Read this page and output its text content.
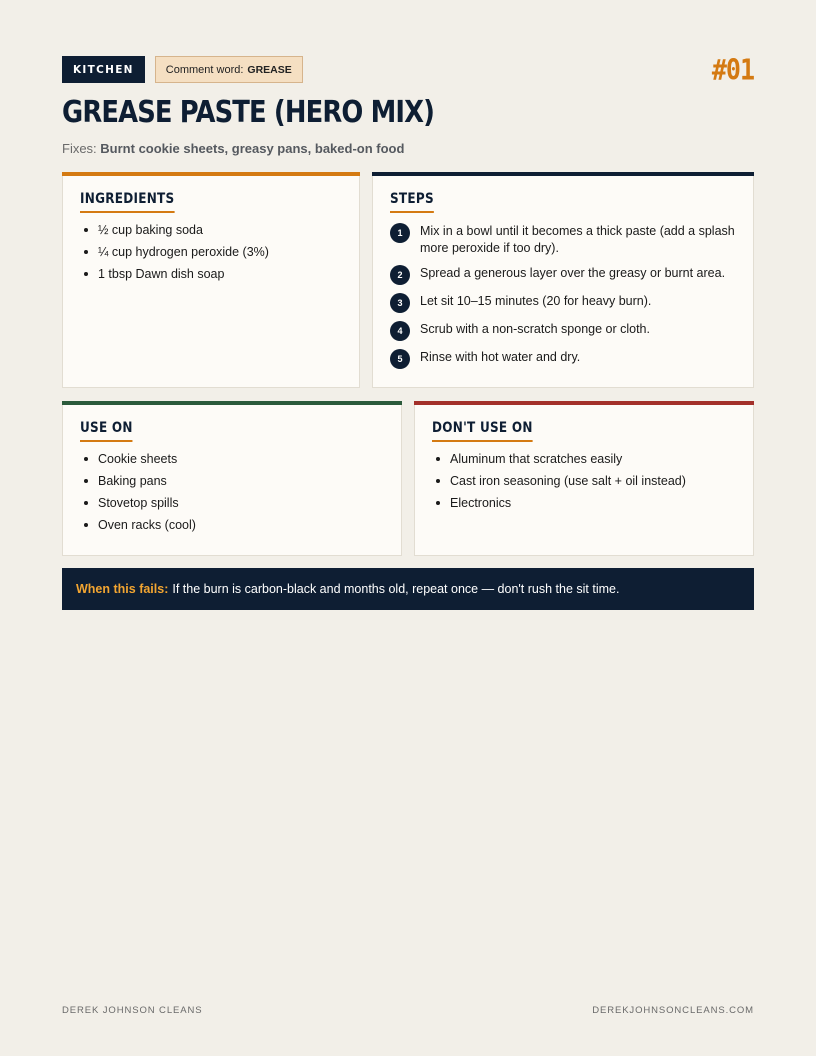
KITCHEN	Comment word: GREASE	#01
GREASE PASTE (HERO MIX)
Fixes: Burnt cookie sheets, greasy pans, baked-on food
INGREDIENTS
½ cup baking soda
¼ cup hydrogen peroxide (3%)
1 tbsp Dawn dish soap
STEPS
1	Mix in a bowl until it becomes a thick paste (add a splash more peroxide if too dry).
2	Spread a generous layer over the greasy or burnt area.
3	Let sit 10–15 minutes (20 for heavy burn).
4	Scrub with a non-scratch sponge or cloth.
5	Rinse with hot water and dry.
USE ON
Cookie sheets
Baking pans
Stovetop spills
Oven racks (cool)
DON'T USE ON
Aluminum that scratches easily
Cast iron seasoning (use salt + oil instead)
Electronics
When this fails: If the burn is carbon-black and months old, repeat once — don't rush the sit time.
DEREK JOHNSON CLEANS	DEREKJOHNSONCLEANS.COM
